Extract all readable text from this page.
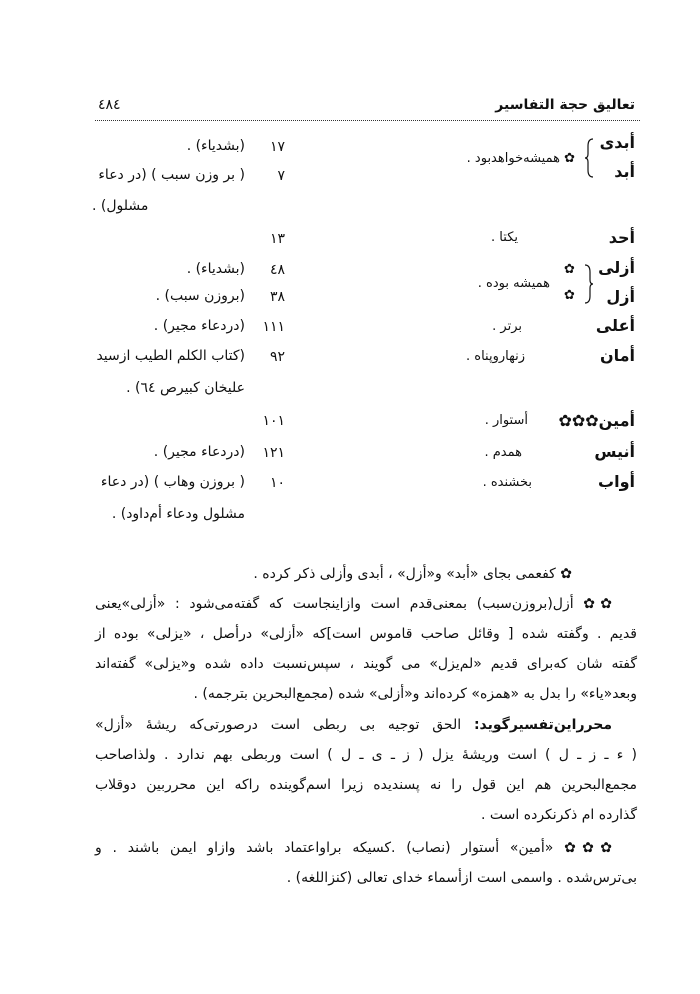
٤٨٤	تعالیق حجة التفاسیر
أبدی
أبد
✿ همیشه‌خواهدبود .
١٧
(بشدیاء) .
٧
( بر وزن سبب ) (در دعاء
مشلول) .
أحد
یکتا .
١٣
أزلی
أزل
✿
✿
همیشه بوده .
٤٨
(بشدیاء) .
٣٨
(بروزن سبب) .
أعلی
برتر .
١١١
(دردعاء مجیر) .
أمان
زنهاروپناه .
٩٢
(کتاب الکلم الطیب ازسید
علیخان کبیرص ٦٤) .
أمین✿✿✿
أستوار .
١٠١
أنیس
همدم .
١٢١
(دردعاء مجیر) .
أواب
بخشنده .
١٠
( بروزن وهاب ) (در دعاء
مشلول ودعاء أم‌داود) .
✿ کفعمی بجای «أبد» و«أزل» ، أبدی وأزلی ذکر کرده .
✿✿ أزل(بروزن‌سبب) بمعنی‌قدم است وازاینجاست که گفته‌می‌شود : «أزلی»یعنی
قدیم . وگفته شده [ وقائل صاحب قاموس است]که «أزلی» درأصل ، «یزلی» بوده از
گفته شان که‌برای قدیم «لم‌یزل» می گویند ، سپس‌نسبت داده شده و«یزلی» گفته‌اند
وبعد«یاء» را بدل به «همزه» کرده‌اند و«أزلی» شده (مجمع‌البحرین بترجمه) .
محرراین‌تفسیرگوید: الحق توجیه بی ربطی است درصورتی‌که ریشهٔ «أزل»
( ء ـ ز ـ ل ) است وریشهٔ یزل ( ز ـ ی ـ ل ) است وربطی بهم ندارد . ولذاصاحب
مجمع‌البحرین هم این قول را نه پسندیده زیرا اسم‌گوینده راکه این محرربین دوقلاب
گذارده ام ذکرنکرده است .
✿✿✿ «أمین» أستوار (نصاب) .کسیکه براواعتماد باشد وازاو ایمن باشند . و
بی‌ترس‌شده . واسمی است ازأسماء خدای تعالی (کنزاللغه) .
